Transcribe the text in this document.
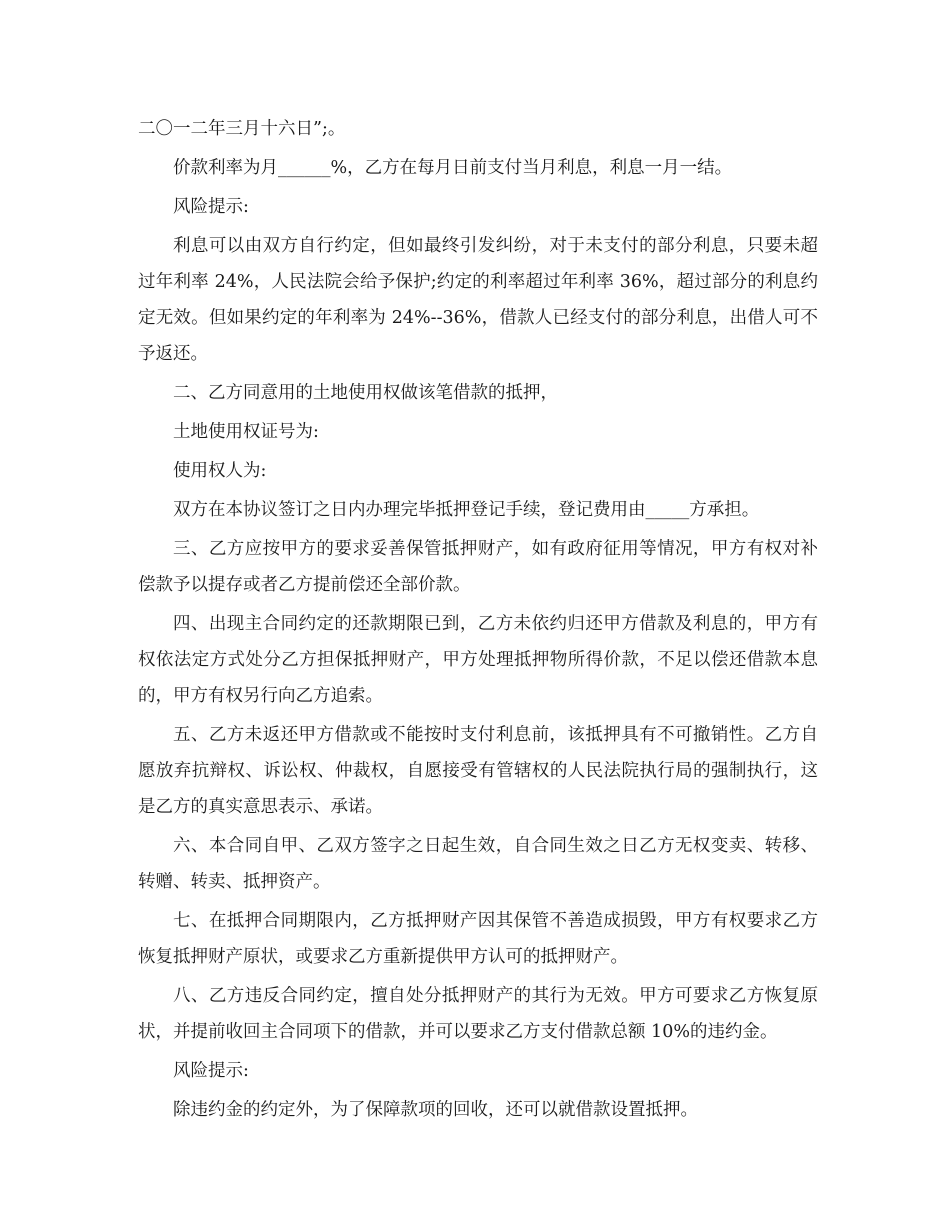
二〇一二年三月十六日”;。

价款利率为月______%，乙方在每月日前支付当月利息，利息一月一结。

风险提示:

利息可以由双方自行约定，但如最终引发纠纷，对于未支付的部分利息，只要未超过年利率 24%，人民法院会给予保护;约定的利率超过年利率 36%，超过部分的利息约定无效。但如果约定的年利率为 24%--36%，借款人已经支付的部分利息，出借人可不予返还。

二、乙方同意用的土地使用权做该笔借款的抵押，

土地使用权证号为:

使用权人为:

双方在本协议签订之日内办理完毕抵押登记手续，登记费用由_____方承担。

三、乙方应按甲方的要求妥善保管抵押财产，如有政府征用等情况，甲方有权对补偿款予以提存或者乙方提前偿还全部价款。

四、出现主合同约定的还款期限已到，乙方未依约归还甲方借款及利息的，甲方有权依法定方式处分乙方担保抵押财产，甲方处理抵押物所得价款，不足以偿还借款本息的，甲方有权另行向乙方追索。

五、乙方未返还甲方借款或不能按时支付利息前，该抵押具有不可撤销性。乙方自愿放弃抗辩权、诉讼权、仲裁权，自愿接受有管辖权的人民法院执行局的强制执行，这是乙方的真实意思表示、承诺。

六、本合同自甲、乙双方签字之日起生效，自合同生效之日乙方无权变卖、转移、转赠、转卖、抵押资产。

七、在抵押合同期限内，乙方抵押财产因其保管不善造成损毁，甲方有权要求乙方恢复抵押财产原状，或要求乙方重新提供甲方认可的抵押财产。

八、乙方违反合同约定，擅自处分抵押财产的其行为无效。甲方可要求乙方恢复原状，并提前收回主合同项下的借款，并可以要求乙方支付借款总额 10%的违约金。

风险提示:

除违约金的约定外，为了保障款项的回收，还可以就借款设置抵押。
